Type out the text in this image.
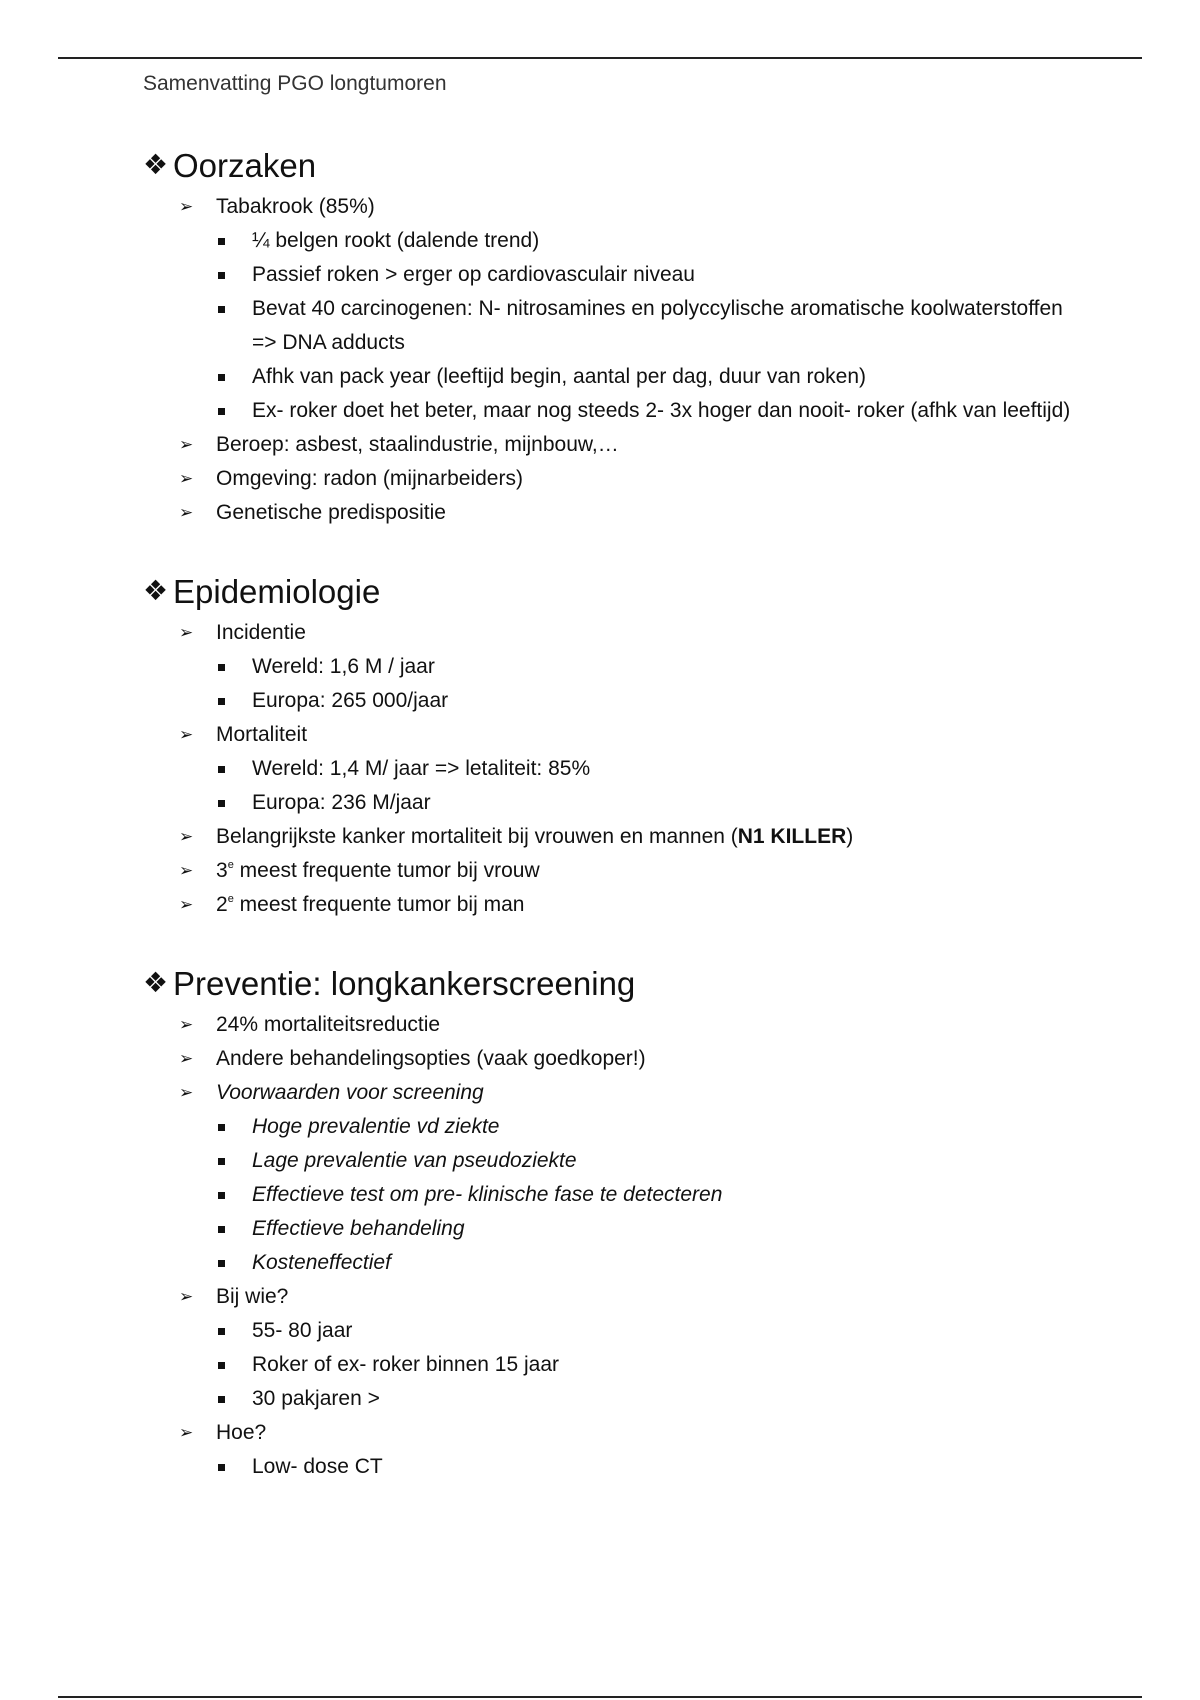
Samenvatting PGO longtumoren
❖ Oorzaken
➢	Tabakrook (85%)
¼ belgen rookt (dalende trend)
Passief roken > erger op cardiovasculair niveau
Bevat 40 carcinogenen: N- nitrosamines en polyccylische aromatische koolwaterstoffen => DNA adducts
Afhk van pack year (leeftijd begin, aantal per dag, duur van roken)
Ex- roker doet het beter, maar nog steeds 2- 3x hoger dan nooit- roker (afhk van leeftijd)
➢	Beroep: asbest, staalindustrie, mijnbouw,…
➢	Omgeving: radon (mijnarbeiders)
➢	Genetische predispositie
❖ Epidemiologie
➢	Incidentie
Wereld: 1,6 M / jaar
Europa: 265 000/jaar
➢	Mortaliteit
Wereld: 1,4 M/ jaar => letaliteit: 85%
Europa: 236 M/jaar
➢	Belangrijkste kanker mortaliteit bij vrouwen en mannen (N1 KILLER)
➢	3e meest frequente tumor bij vrouw
➢	2e meest frequente tumor bij man
❖ Preventie: longkankerscreening
➢	24% mortaliteitsreductie
➢	Andere behandelingsopties (vaak goedkoper!)
➢	Voorwaarden voor screening
Hoge prevalentie vd ziekte
Lage prevalentie van pseudoziekte
Effectieve test om pre- klinische fase te detecteren
Effectieve behandeling
Kosteneffectief
➢	Bij wie?
55- 80 jaar
Roker of ex- roker binnen 15 jaar
30 pakjaren >
➢	Hoe?
Low- dose CT
